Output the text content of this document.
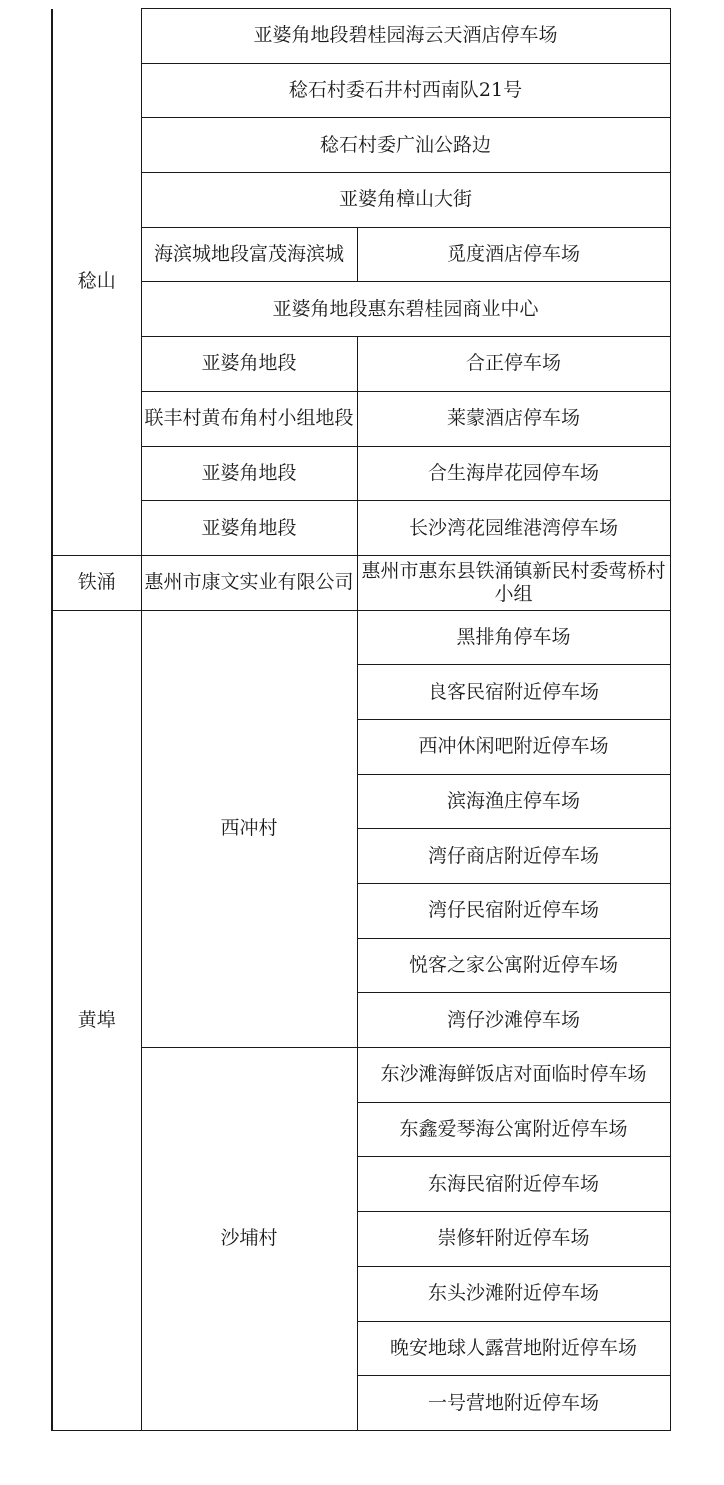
稔山	亚婆角地段碧桂园海云天酒店停车场	
	稔石村委石井村西南队21号	
	稔石村委广汕公路边	
	亚婆角樟山大街	
	海滨城地段富茂海滨城	觅度酒店停车场
	亚婆角地段惠东碧桂园商业中心	
	亚婆角地段	合正停车场
	联丰村黄布角村小组地段	莱蒙酒店停车场
	亚婆角地段	合生海岸花园停车场
	亚婆角地段	长沙湾花园维港湾停车场
铁涌	惠州市康文实业有限公司	惠州市惠东县铁涌镇新民村委莺桥村小组
黄埠	西冲村	黑排角停车场
		良客民宿附近停车场
		西冲休闲吧附近停车场
		滨海渔庄停车场
		湾仔商店附近停车场
		湾仔民宿附近停车场
		悦客之家公寓附近停车场
		湾仔沙滩停车场
	沙埔村	东沙滩海鲜饭店对面临时停车场
		东鑫爱琴海公寓附近停车场
		东海民宿附近停车场
		崇修轩附近停车场
		东头沙滩附近停车场
		晚安地球人露营地附近停车场
		一号营地附近停车场
